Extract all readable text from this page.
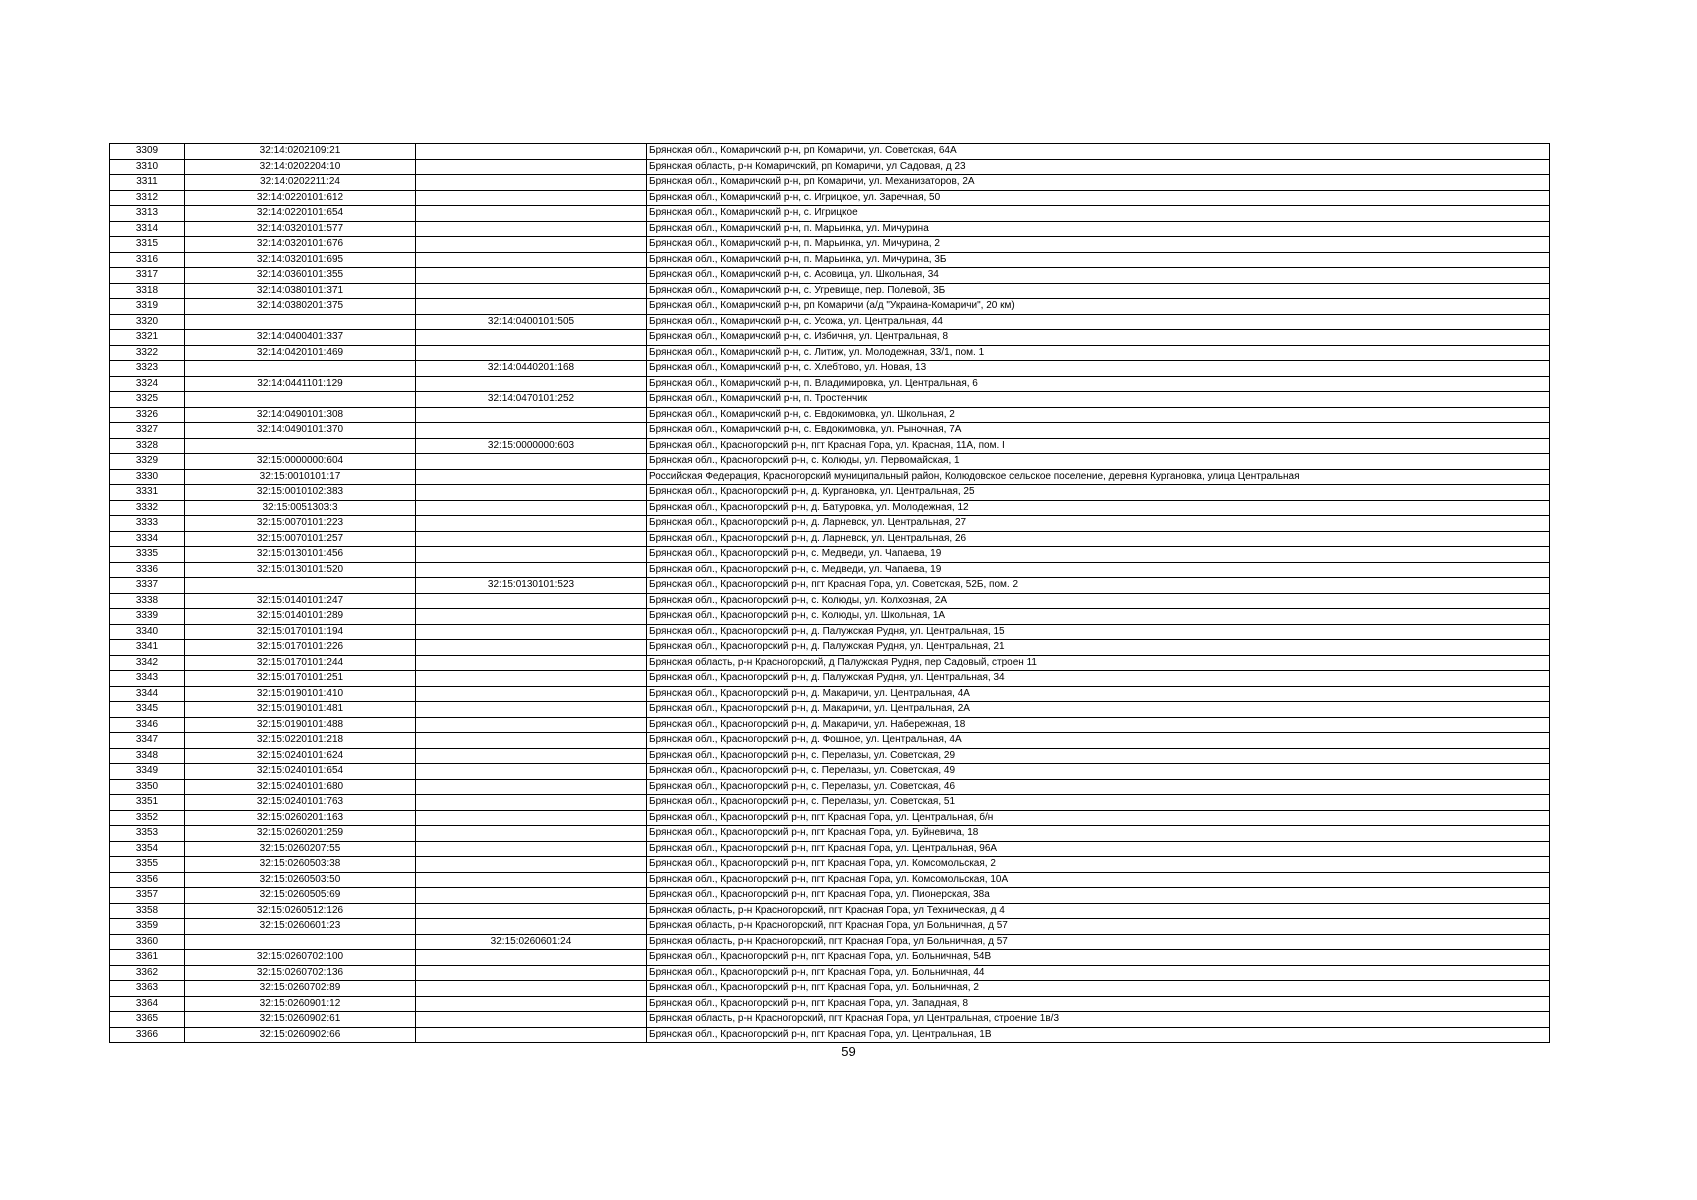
3309	32:14:0202109:21		Брянская обл., Комаричский р-н, рп Комаричи, ул. Советская, 64А
3310	32:14:0202204:10		Брянская область, р-н Комаричский, рп Комаричи, ул Садовая, д 23
3311	32:14:0202211:24		Брянская обл., Комаричский р-н, рп Комаричи, ул. Механизаторов, 2А
3312	32:14:0220101:612		Брянская обл., Комаричский р-н, с. Игрицкое, ул. Заречная, 50
3313	32:14:0220101:654		Брянская обл., Комаричский р-н, с. Игрицкое
3314	32:14:0320101:577		Брянская обл., Комаричский р-н, п. Марьинка, ул. Мичурина
3315	32:14:0320101:676		Брянская обл., Комаричский р-н, п. Марьинка, ул. Мичурина, 2
3316	32:14:0320101:695		Брянская обл., Комаричский р-н, п. Марьинка, ул. Мичурина, 3Б
3317	32:14:0360101:355		Брянская обл., Комаричский р-н, с. Асовица, ул. Школьная, 34
3318	32:14:0380101:371		Брянская обл., Комаричский р-н, с. Угревище, пер. Полевой, 3Б
3319	32:14:0380201:375		Брянская обл., Комаричский р-н, рп Комаричи (а/д "Украина-Комаричи", 20 км)
3320		32:14:0400101:505	Брянская обл., Комаричский р-н, с. Усожа, ул. Центральная, 44
3321	32:14:0400401:337		Брянская обл., Комаричский р-н, с. Избичня, ул. Центральная, 8
3322	32:14:0420101:469		Брянская обл., Комаричский р-н, с. Литиж, ул. Молодежная, 33/1, пом. 1
3323		32:14:0440201:168	Брянская обл., Комаричский р-н, с. Хлебтово, ул. Новая, 13
3324	32:14:0441101:129		Брянская обл., Комаричский р-н, п. Владимировка, ул. Центральная, 6
3325		32:14:0470101:252	Брянская обл., Комаричский р-н, п. Тростенчик
3326	32:14:0490101:308		Брянская обл., Комаричский р-н, с. Евдокимовка, ул. Школьная, 2
3327	32:14:0490101:370		Брянская обл., Комаричский р-н, с. Евдокимовка, ул. Рыночная, 7А
3328		32:15:0000000:603	Брянская обл., Красногорский р-н, пгт Красная Гора, ул. Красная, 11А, пом. I
3329	32:15:0000000:604		Брянская обл., Красногорский р-н, с. Колюды, ул. Первомайская, 1
3330	32:15:0010101:17		Российская Федерация, Красногорский муниципальный район, Колюдовское сельское поселение, деревня Кургановка, улица Центральная
3331	32:15:0010102:383		Брянская обл., Красногорский р-н, д. Кургановка, ул. Центральная, 25
3332	32:15:0051303:3		Брянская обл., Красногорский р-н, д. Батуровка, ул. Молодежная, 12
3333	32:15:0070101:223		Брянская обл., Красногорский р-н, д. Ларневск, ул. Центральная, 27
3334	32:15:0070101:257		Брянская обл., Красногорский р-н, д. Ларневск, ул. Центральная, 26
3335	32:15:0130101:456		Брянская обл., Красногорский р-н, с. Медведи, ул. Чапаева, 19
3336	32:15:0130101:520		Брянская обл., Красногорский р-н, с. Медведи, ул. Чапаева, 19
3337		32:15:0130101:523	Брянская обл., Красногорский р-н, пгт Красная Гора, ул. Советская, 52Б, пом. 2
3338	32:15:0140101:247		Брянская обл., Красногорский р-н, с. Колюды, ул. Колхозная, 2А
3339	32:15:0140101:289		Брянская обл., Красногорский р-н, с. Колюды, ул. Школьная, 1А
3340	32:15:0170101:194		Брянская обл., Красногорский р-н, д. Палужская Рудня, ул. Центральная, 15
3341	32:15:0170101:226		Брянская обл., Красногорский р-н, д. Палужская Рудня, ул. Центральная, 21
3342	32:15:0170101:244		Брянская область, р-н Красногорский, д Палужская Рудня, пер Садовый, строен 11
3343	32:15:0170101:251		Брянская обл., Красногорский р-н, д. Палужская Рудня, ул. Центральная, 34
3344	32:15:0190101:410		Брянская обл., Красногорский р-н, д. Макаричи, ул. Центральная, 4А
3345	32:15:0190101:481		Брянская обл., Красногорский р-н, д. Макаричи, ул. Центральная, 2А
3346	32:15:0190101:488		Брянская обл., Красногорский р-н, д. Макаричи, ул. Набережная, 18
3347	32:15:0220101:218		Брянская обл., Красногорский р-н, д. Фошное, ул. Центральная, 4А
3348	32:15:0240101:624		Брянская обл., Красногорский р-н, с. Перелазы, ул. Советская, 29
3349	32:15:0240101:654		Брянская обл., Красногорский р-н, с. Перелазы, ул. Советская, 49
3350	32:15:0240101:680		Брянская обл., Красногорский р-н, с. Перелазы, ул. Советская, 46
3351	32:15:0240101:763		Брянская обл., Красногорский р-н, с. Перелазы, ул. Советская, 51
3352	32:15:0260201:163		Брянская обл., Красногорский р-н, пгт Красная Гора, ул. Центральная, б/н
3353	32:15:0260201:259		Брянская обл., Красногорский р-н, пгт Красная Гора, ул. Буйневича, 18
3354	32:15:0260207:55		Брянская обл., Красногорский р-н, пгт Красная Гора, ул. Центральная, 96А
3355	32:15:0260503:38		Брянская обл., Красногорский р-н, пгт Красная Гора, ул. Комсомольская, 2
3356	32:15:0260503:50		Брянская обл., Красногорский р-н, пгт Красная Гора, ул. Комсомольская, 10А
3357	32:15:0260505:69		Брянская обл., Красногорский р-н, пгт Красная Гора, ул. Пионерская, 38а
3358	32:15:0260512:126		Брянская область, р-н Красногорский, пгт Красная Гора, ул Техническая, д 4
3359	32:15:0260601:23		Брянская область, р-н Красногорский, пгт Красная Гора, ул Больничная, д 57
3360		32:15:0260601:24	Брянская область, р-н Красногорский, пгт Красная Гора, ул Больничная, д 57
3361	32:15:0260702:100		Брянская обл., Красногорский р-н, пгт Красная Гора, ул. Больничная, 54В
3362	32:15:0260702:136		Брянская обл., Красногорский р-н, пгт Красная Гора, ул. Больничная, 44
3363	32:15:0260702:89		Брянская обл., Красногорский р-н, пгт Красная Гора, ул. Больничная, 2
3364	32:15:0260901:12		Брянская обл., Красногорский р-н, пгт Красная Гора, ул. Западная, 8
3365	32:15:0260902:61		Брянская область, р-н Красногорский, пгт Красная Гора, ул Центральная, строение 1в/3
3366	32:15:0260902:66		Брянская обл., Красногорский р-н, пгт Красная Гора, ул. Центральная, 1В
59
